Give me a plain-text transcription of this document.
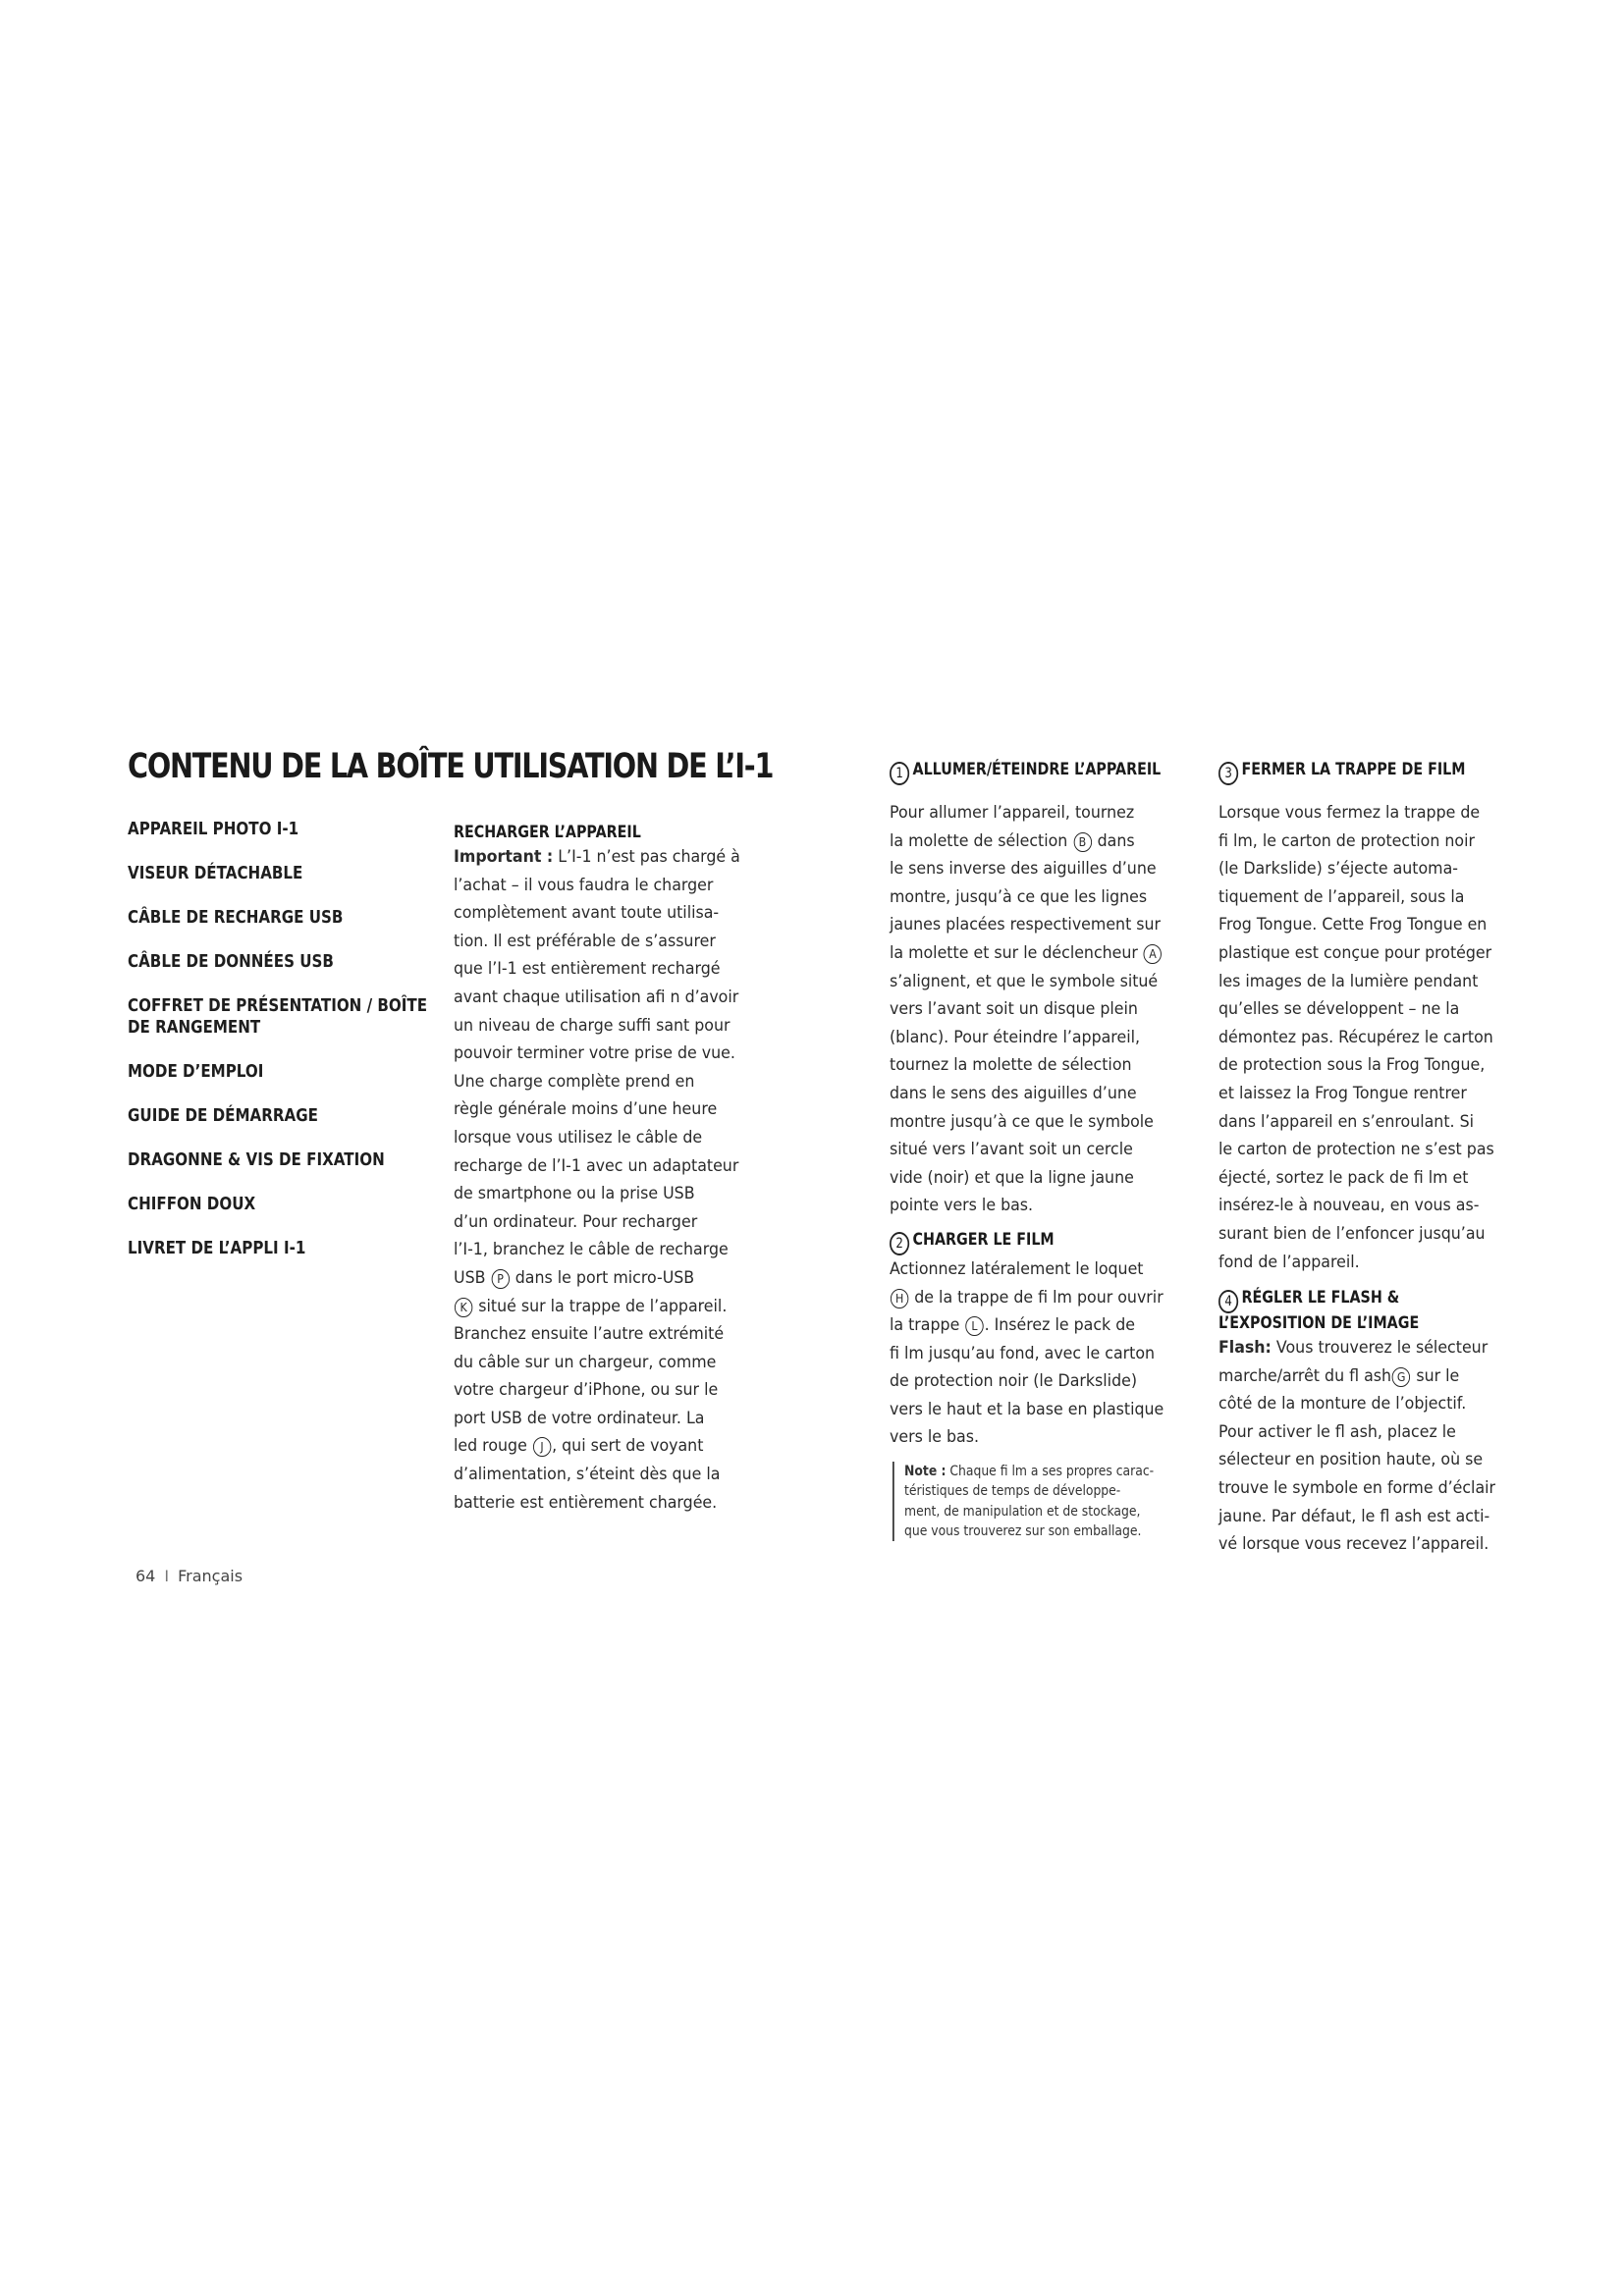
CONTENU DE LA BOÎTE UTILISATION DE L’I-1
APPAREIL PHOTO I-1
VISEUR DÉTACHABLE
CÂBLE DE RECHARGE USB
CÂBLE DE DONNÉES USB
COFFRET DE PRÉSENTATION / BOÎTE
DE RANGEMENT
MODE D’EMPLOI
GUIDE DE DÉMARRAGE
DRAGONNE & VIS DE FIXATION
CHIFFON DOUX
LIVRET DE L’APPLI I-1
RECHARGER L’APPAREIL
Important : L’I-1 n’est pas chargé à
l’achat – il vous faudra le charger
complètement avant toute utilisa-
tion. Il est préférable de s’assurer
que l’I-1 est entièrement rechargé
avant chaque utilisation afi n d’avoir
un niveau de charge suffi sant pour
pouvoir terminer votre prise de vue.
Une charge complète prend en
règle générale moins d’une heure
lorsque vous utilisez le câble de
recharge de l’I-1 avec un adaptateur
de smartphone ou la prise USB
d’un ordinateur. Pour recharger
l’I-1, branchez le câble de recharge
USB P dans le port micro-USB
K situé sur la trappe de l’appareil.
Branchez ensuite l’autre extrémité
du câble sur un chargeur, comme
votre chargeur d’iPhone, ou sur le
port USB de votre ordinateur. La
led rouge J , qui sert de voyant
d’alimentation, s’éteint dès que la
batterie est entièrement chargée.
1 ALLUMER/ÉTEINDRE L’APPAREIL
Pour allumer l’appareil, tournez
la molette de sélection B dans
le sens inverse des aiguilles d’une
montre, jusqu’à ce que les lignes
jaunes placées respectivement sur
la molette et sur le déclencheur A
s’alignent, et que le symbole situé
vers l’avant soit un disque plein
(blanc). Pour éteindre l’appareil,
tournez la molette de sélection
dans le sens des aiguilles d’une
montre jusqu’à ce que le symbole
situé vers l’avant soit un cercle
vide (noir) et que la ligne jaune
pointe vers le bas.
2 CHARGER LE FILM
Actionnez latéralement le loquet
H de la trappe de fi lm pour ouvrir
la trappe L . Insérez le pack de
fi lm jusqu’au fond, avec le carton
de protection noir (le Darkslide)
vers le haut et la base en plastique
vers le bas.
Note : Chaque fi lm a ses propres carac-
téristiques de temps de développe-
ment, de manipulation et de stockage,
que vous trouverez sur son emballage.
3 FERMER LA TRAPPE DE FILM
Lorsque vous fermez la trappe de
fi lm, le carton de protection noir
(le Darkslide) s’éjecte automa-
tiquement de l’appareil, sous la
Frog Tongue. Cette Frog Tongue en
plastique est conçue pour protéger
les images de la lumière pendant
qu’elles se développent – ne la
démontez pas. Récupérez le carton
de protection sous la Frog Tongue,
et laissez la Frog Tongue rentrer
dans l’appareil en s’enroulant. Si
le carton de protection ne s’est pas
éjecté, sortez le pack de fi lm et
insérez-le à nouveau, en vous as-
surant bien de l’enfoncer jusqu’au
fond de l’appareil.
4 RÉGLER LE FLASH &
L’EXPOSITION DE L’IMAGE
Flash: Vous trouverez le sélecteur
marche/arrêt du fl ash G sur le
côté de la monture de l’objectif.
Pour activer le fl ash, placez le
sélecteur en position haute, où se
trouve le symbole en forme d’éclair
jaune. Par défaut, le fl ash est acti-
vé lorsque vous recevez l’appareil.
64 I Français
